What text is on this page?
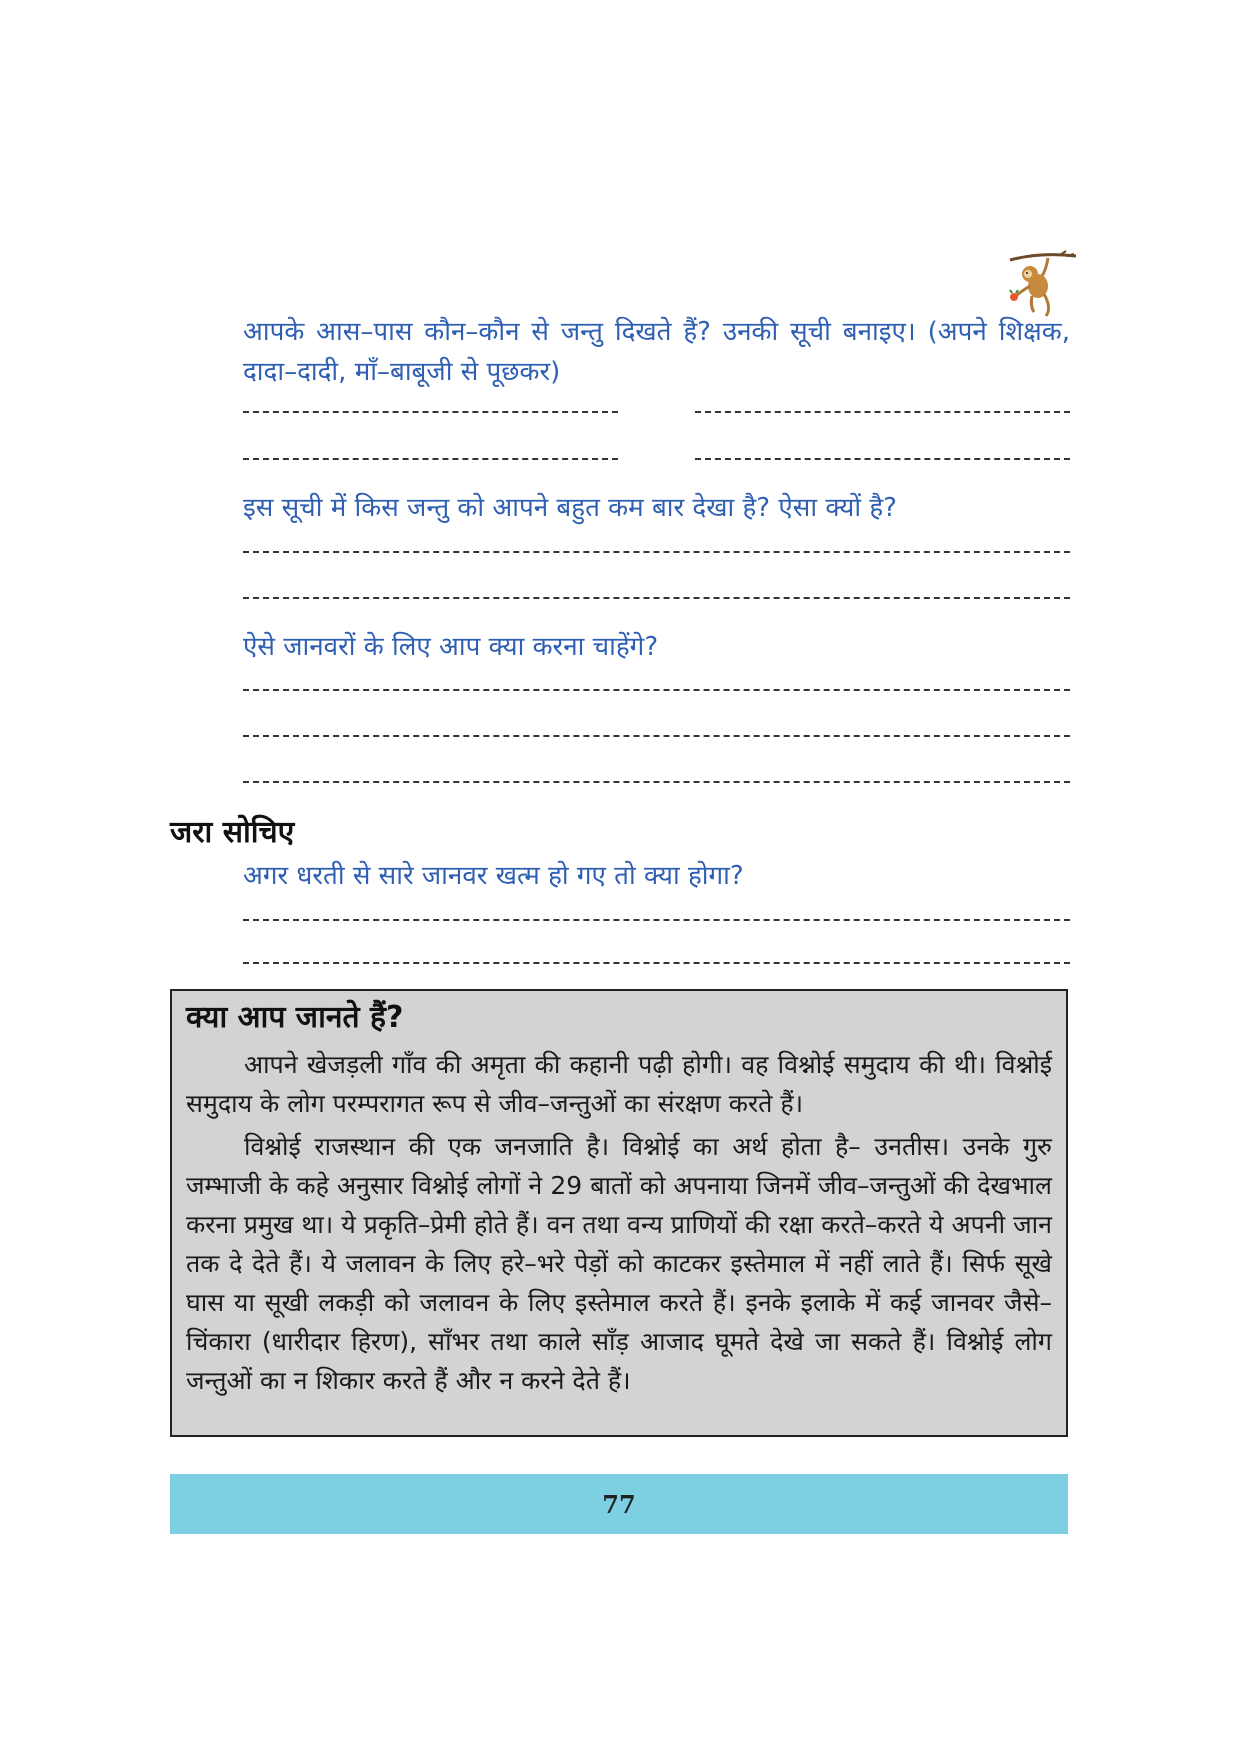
आपके आस–पास कौन–कौन से जन्तु दिखते हैं? उनकी सूची बनाइए। (अपने शिक्षक, दादा–दादी, माँ–बाबूजी से पूछकर)

इस सूची में किस जन्तु को आपने बहुत कम बार देखा है? ऐसा क्यों है?

ऐसे जानवरों के लिए आप क्या करना चाहेंगे?

जरा सोचिए

अगर धरती से सारे जानवर खत्म हो गए तो क्या होगा?

क्या आप जानते हैं?

आपने खेजड़ली गाँव की अमृता की कहानी पढ़ी होगी। वह विश्नोई समुदाय की थी। विश्नोई समुदाय के लोग परम्परागत रूप से जीव–जन्तुओं का संरक्षण करते हैं।

विश्नोई राजस्थान की एक जनजाति है। विश्नोई का अर्थ होता है– उनतीस। उनके गुरु जम्भाजी के कहे अनुसार विश्नोई लोगों ने 29 बातों को अपनाया जिनमें जीव–जन्तुओं की देखभाल करना प्रमुख था। ये प्रकृति–प्रेमी होते हैं। वन तथा वन्य प्राणियों की रक्षा करते–करते ये अपनी जान तक दे देते हैं। ये जलावन के लिए हरे–भरे पेड़ों को काटकर इस्तेमाल में नहीं लाते हैं। सिर्फ सूखे घास या सूखी लकड़ी को जलावन के लिए इस्तेमाल करते हैं। इनके इलाके में कई जानवर जैसे– चिंकारा (धारीदार हिरण), साँभर तथा काले साँड़ आजाद घूमते देखे जा सकते हैं। विश्नोई लोग जन्तुओं का न शिकार करते हैं और न करने देते हैं।

77
